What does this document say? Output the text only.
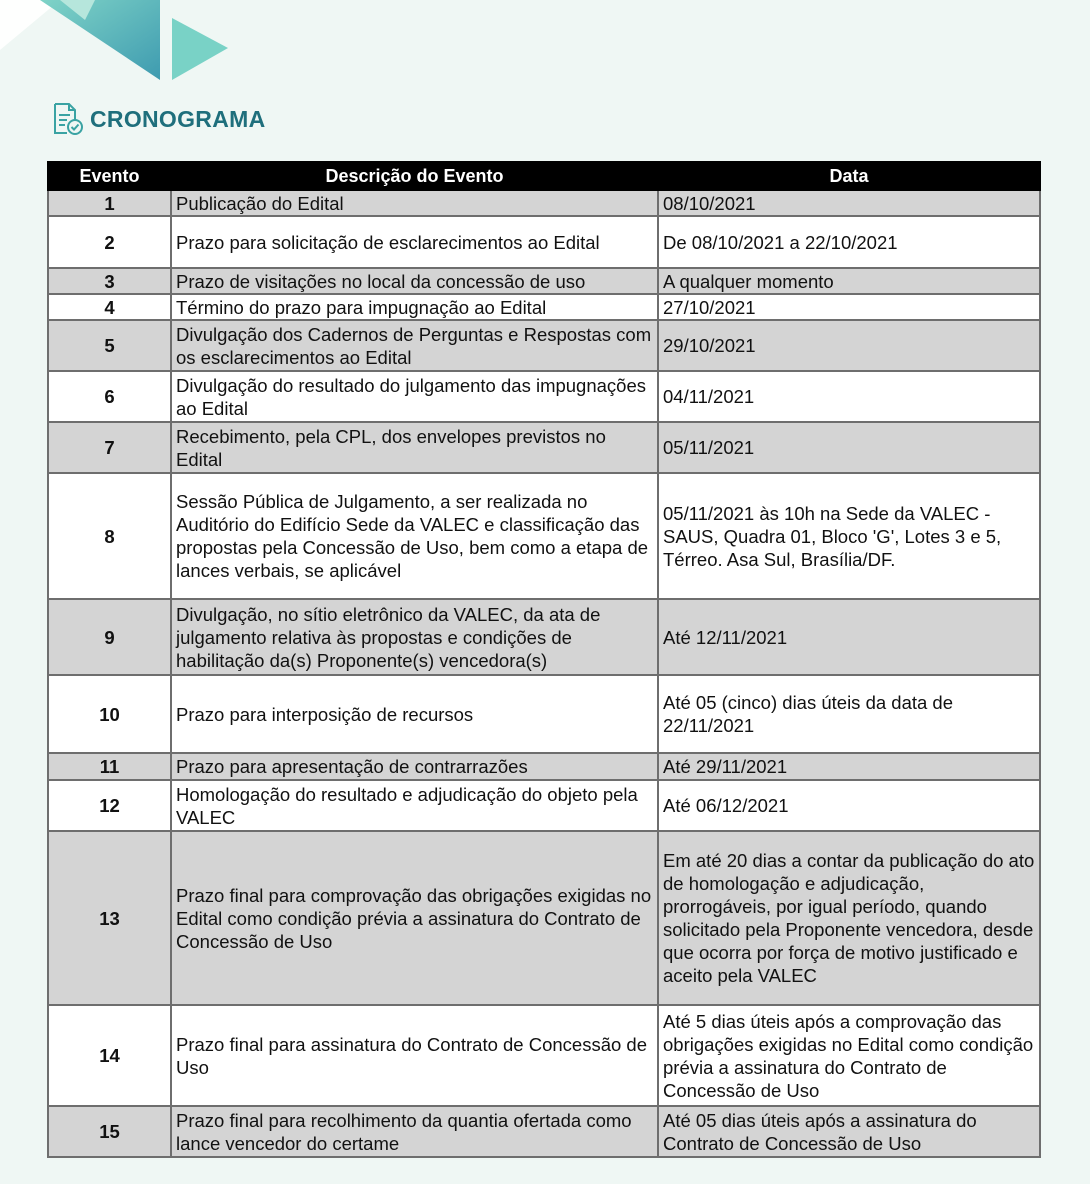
CRONOGRAMA
Evento	Descrição do Evento	Data
1	Publicação do Edital	08/10/2021
2	Prazo para solicitação de esclarecimentos ao Edital	De 08/10/2021 a 22/10/2021
3	Prazo de visitações no local da concessão de uso	A qualquer momento
4	Término do prazo para impugnação ao Edital	27/10/2021
5	Divulgação dos Cadernos de Perguntas e Respostas com os esclarecimentos ao Edital	29/10/2021
6	Divulgação do resultado do julgamento das impugnações ao Edital	04/11/2021
7	Recebimento, pela CPL, dos envelopes previstos no Edital	05/11/2021
8	Sessão Pública de Julgamento, a ser realizada no Auditório do Edifício Sede da VALEC e classificação das propostas pela Concessão de Uso, bem como a etapa de lances verbais, se aplicável	05/11/2021 às 10h na Sede da VALEC - SAUS, Quadra 01, Bloco 'G', Lotes 3 e 5, Térreo. Asa Sul, Brasília/DF.
9	Divulgação, no sítio eletrônico da VALEC, da ata de julgamento relativa às propostas e condições de habilitação da(s) Proponente(s) vencedora(s)	Até 12/11/2021
10	Prazo para interposição de recursos	Até 05 (cinco) dias úteis da data de 22/11/2021
11	Prazo para apresentação de contrarrazões	Até 29/11/2021
12	Homologação do resultado e adjudicação do objeto pela VALEC	Até 06/12/2021
13	Prazo final para comprovação das obrigações exigidas no Edital como condição prévia a assinatura do Contrato de Concessão de Uso	Em até 20 dias a contar da publicação do ato de homologação e adjudicação, prorrogáveis, por igual período, quando solicitado pela Proponente vencedora, desde que ocorra por força de motivo justificado e aceito pela VALEC
14	Prazo final para assinatura do Contrato de Concessão de Uso	Até 5 dias úteis após a comprovação das obrigações exigidas no Edital como condição prévia a assinatura do Contrato de Concessão de Uso
15	Prazo final para recolhimento da quantia ofertada como lance vencedor do certame	Até 05 dias úteis após a assinatura do Contrato de Concessão de Uso
